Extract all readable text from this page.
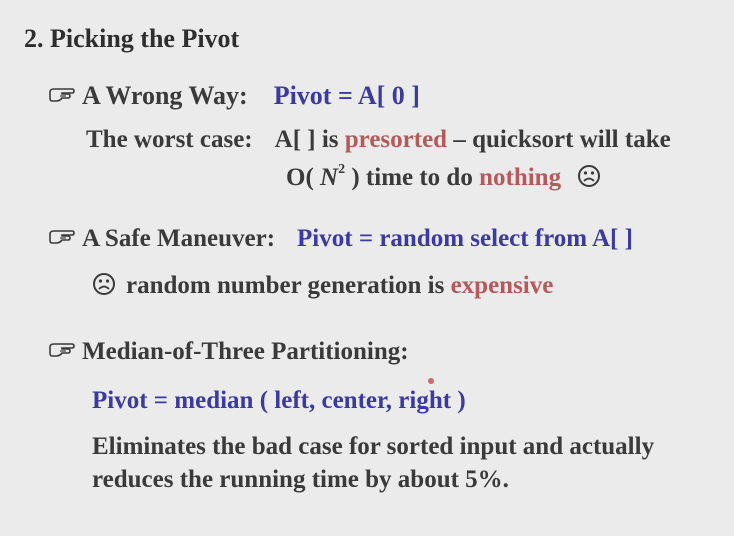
2. Picking the Pivot
A Wrong Way: Pivot = A[ 0 ]
The worst case: A[ ] is presorted – quicksort will take
O( $N^2$ ) time to do nothing
A Safe Maneuver: Pivot = random select from A[ ]
random number generation is expensive
Median-of-Three Partitioning:
Pivot = median ( left, center, right )
Eliminates the bad case for sorted input and actually
reduces the running time by about 5%.
